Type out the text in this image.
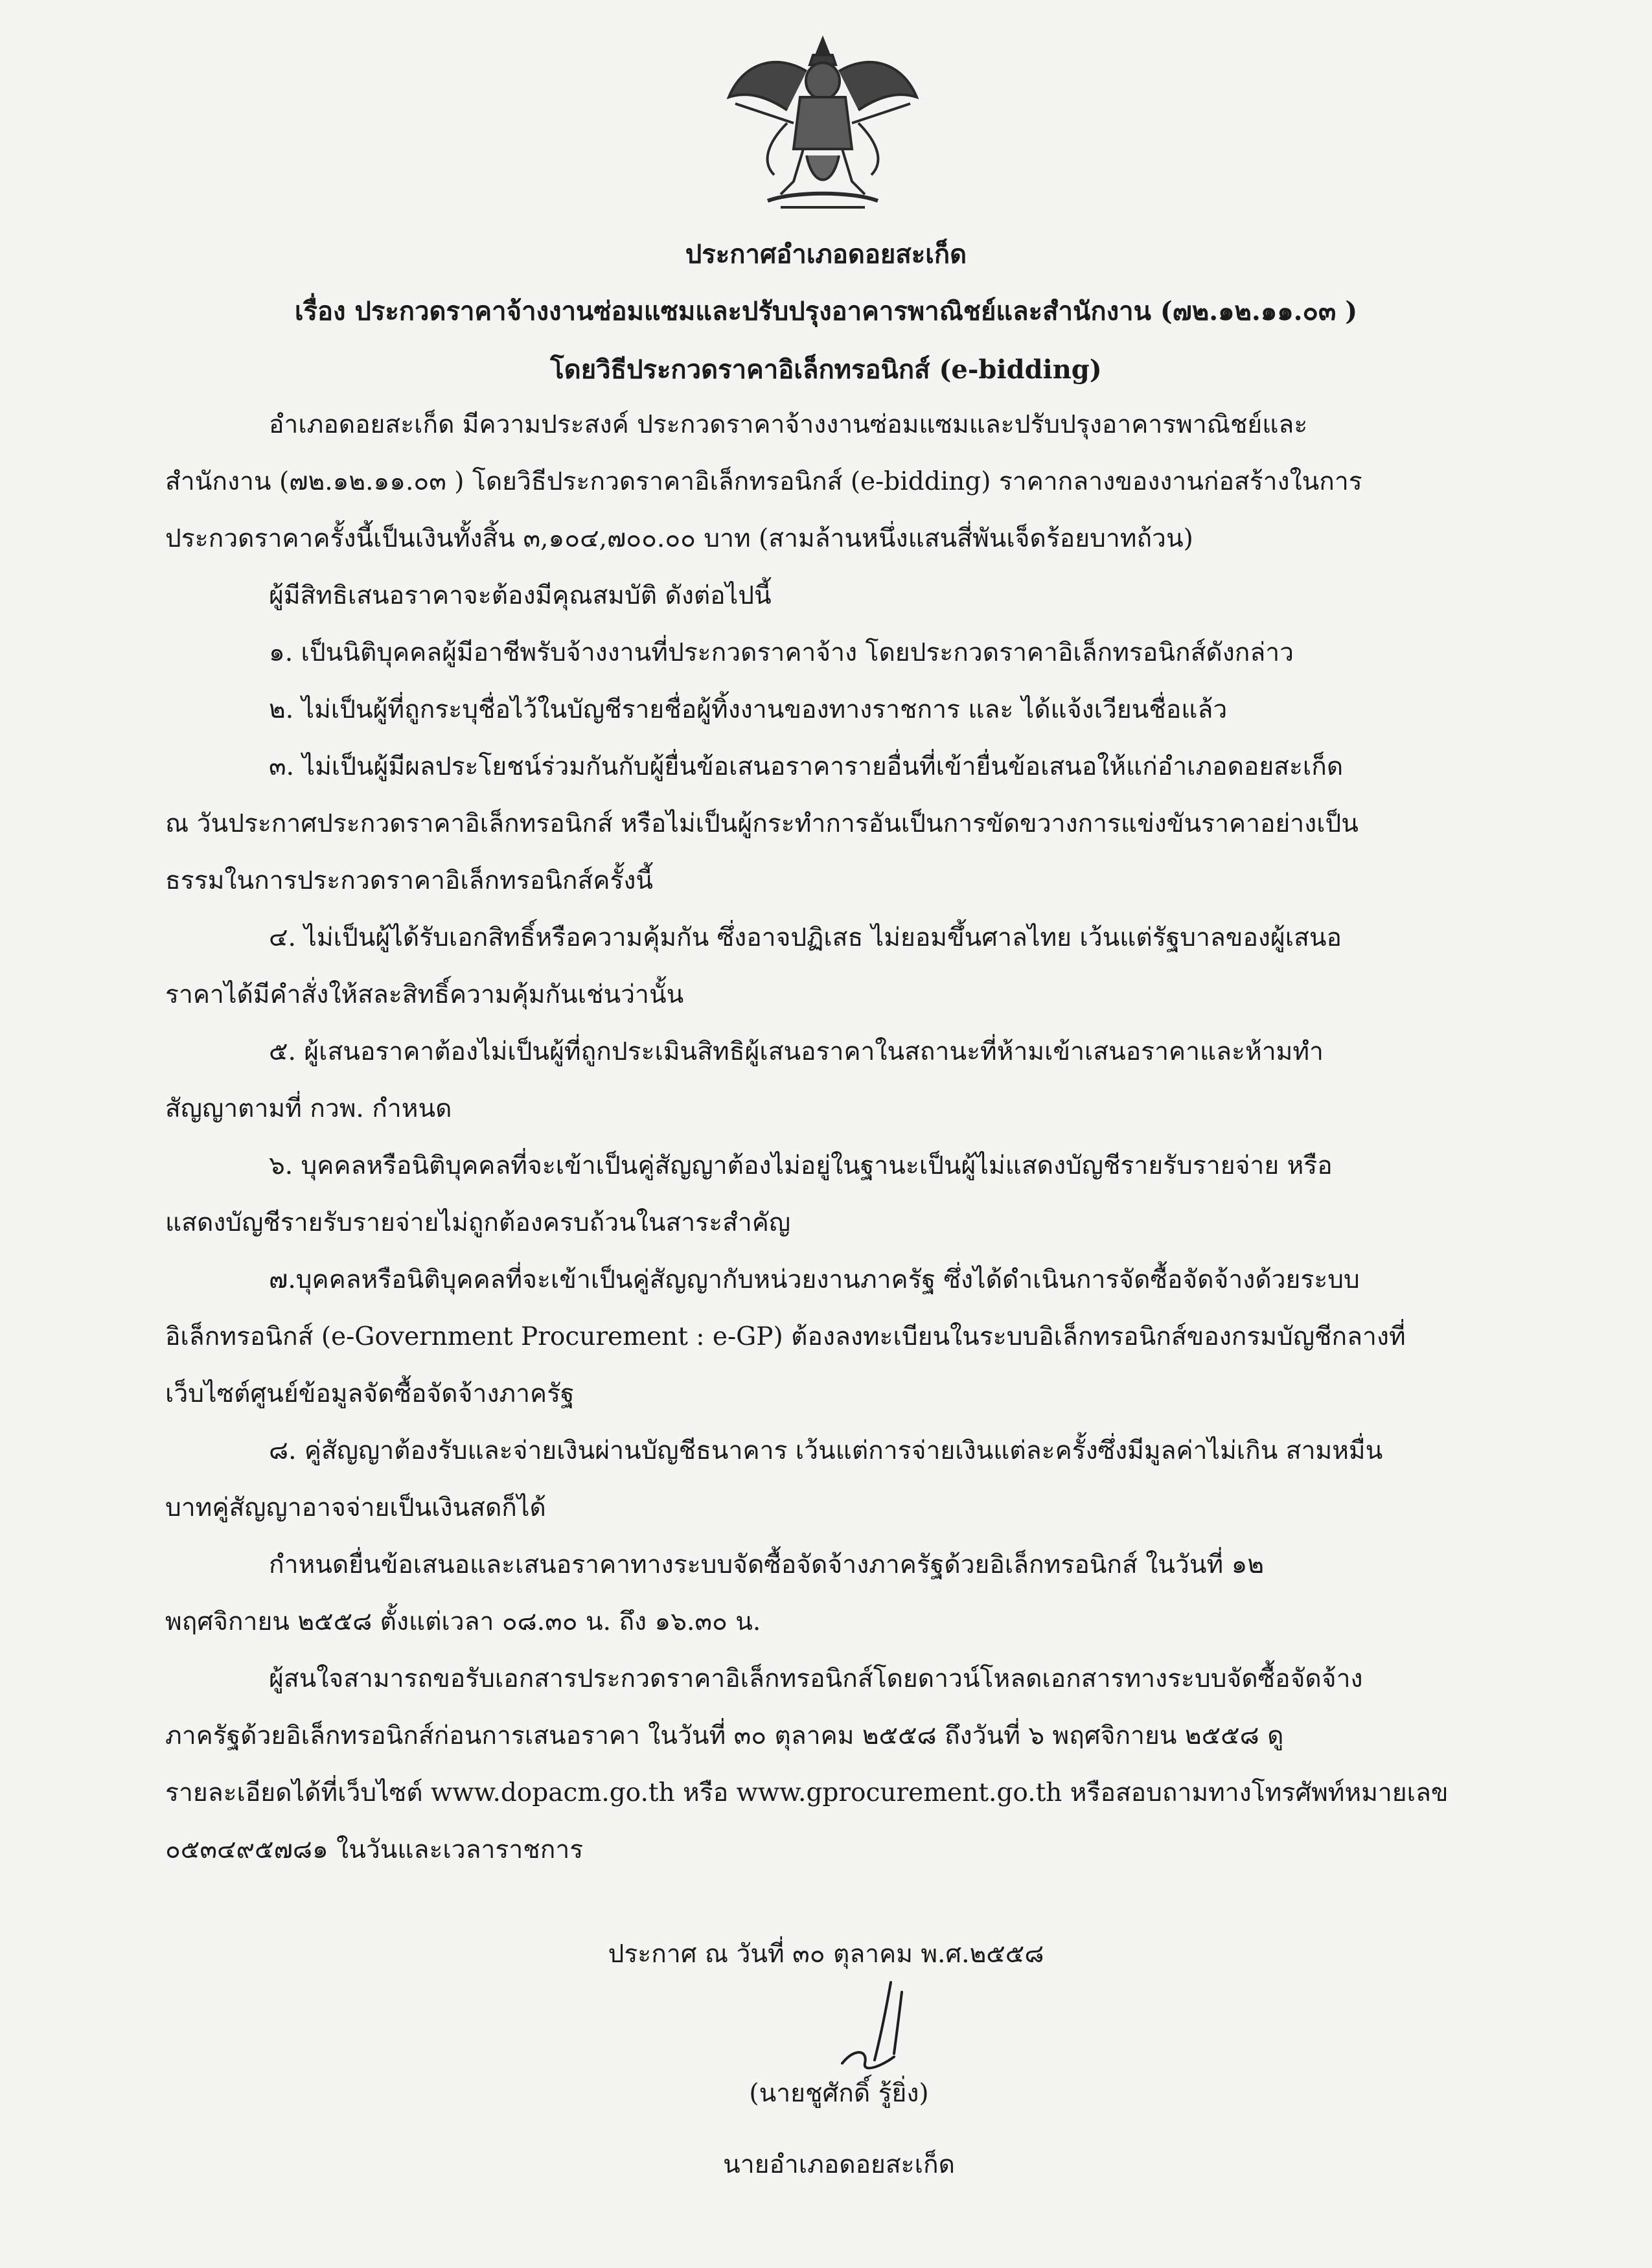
ประกาศอำเภอดอยสะเก็ด
เรื่อง ประกวดราคาจ้างงานซ่อมแซมและปรับปรุงอาคารพาณิชย์และสำนักงาน (๗๒.๑๒.๑๑.๐๓ )
โดยวิธีประกวดราคาอิเล็กทรอนิกส์ (e-bidding)

อำเภอดอยสะเก็ด มีความประสงค์ ประกวดราคาจ้างงานซ่อมแซมและปรับปรุงอาคารพาณิชย์และ

สำนักงาน (๗๒.๑๒.๑๑.๐๓ ) โดยวิธีประกวดราคาอิเล็กทรอนิกส์ (e-bidding) ราคากลางของงานก่อสร้างในการ

ประกวดราคาครั้งนี้เป็นเงินทั้งสิ้น ๓,๑๐๔,๗๐๐.๐๐ บาท (สามล้านหนึ่งแสนสี่พันเจ็ดร้อยบาทถ้วน)

ผู้มีสิทธิเสนอราคาจะต้องมีคุณสมบัติ ดังต่อไปนี้

๑. เป็นนิติบุคคลผู้มีอาชีพรับจ้างงานที่ประกวดราคาจ้าง โดยประกวดราคาอิเล็กทรอนิกส์ดังกล่าว

๒. ไม่เป็นผู้ที่ถูกระบุชื่อไว้ในบัญชีรายชื่อผู้ทิ้งงานของทางราชการ และ ได้แจ้งเวียนชื่อแล้ว

๓. ไม่เป็นผู้มีผลประโยชน์ร่วมกันกับผู้ยื่นข้อเสนอราคารายอื่นที่เข้ายื่นข้อเสนอให้แก่อำเภอดอยสะเก็ด

ณ วันประกาศประกวดราคาอิเล็กทรอนิกส์ หรือไม่เป็นผู้กระทำการอันเป็นการขัดขวางการแข่งขันราคาอย่างเป็น

ธรรมในการประกวดราคาอิเล็กทรอนิกส์ครั้งนี้

๔. ไม่เป็นผู้ได้รับเอกสิทธิ์หรือความคุ้มกัน ซึ่งอาจปฏิเสธ ไม่ยอมขึ้นศาลไทย เว้นแต่รัฐบาลของผู้เสนอ

ราคาได้มีคำสั่งให้สละสิทธิ์ความคุ้มกันเช่นว่านั้น

๕. ผู้เสนอราคาต้องไม่เป็นผู้ที่ถูกประเมินสิทธิผู้เสนอราคาในสถานะที่ห้ามเข้าเสนอราคาและห้ามทำ

สัญญาตามที่ กวพ. กำหนด

๖. บุคคลหรือนิติบุคคลที่จะเข้าเป็นคู่สัญญาต้องไม่อยู่ในฐานะเป็นผู้ไม่แสดงบัญชีรายรับรายจ่าย หรือ

แสดงบัญชีรายรับรายจ่ายไม่ถูกต้องครบถ้วนในสาระสำคัญ

๗.บุคคลหรือนิติบุคคลที่จะเข้าเป็นคู่สัญญากับหน่วยงานภาครัฐ ซึ่งได้ดำเนินการจัดซื้อจัดจ้างด้วยระบบ

อิเล็กทรอนิกส์ (e-Government Procurement : e-GP) ต้องลงทะเบียนในระบบอิเล็กทรอนิกส์ของกรมบัญชีกลางที่

เว็บไซต์ศูนย์ข้อมูลจัดซื้อจัดจ้างภาครัฐ

๘. คู่สัญญาต้องรับและจ่ายเงินผ่านบัญชีธนาคาร เว้นแต่การจ่ายเงินแต่ละครั้งซึ่งมีมูลค่าไม่เกิน สามหมื่น

บาทคู่สัญญาอาจจ่ายเป็นเงินสดก็ได้

กำหนดยื่นข้อเสนอและเสนอราคาทางระบบจัดซื้อจัดจ้างภาครัฐด้วยอิเล็กทรอนิกส์ ในวันที่ ๑๒

พฤศจิกายน ๒๕๕๘ ตั้งแต่เวลา ๐๘.๓๐ น. ถึง ๑๖.๓๐ น.

ผู้สนใจสามารถขอรับเอกสารประกวดราคาอิเล็กทรอนิกส์โดยดาวน์โหลดเอกสารทางระบบจัดซื้อจัดจ้าง

ภาครัฐด้วยอิเล็กทรอนิกส์ก่อนการเสนอราคา ในวันที่ ๓๐ ตุลาคม ๒๕๕๘ ถึงวันที่ ๖ พฤศจิกายน ๒๕๕๘ ดู

รายละเอียดได้ที่เว็บไซต์ www.dopacm.go.th หรือ www.gprocurement.go.th หรือสอบถามทางโทรศัพท์หมายเลข

๐๕๓๔๙๕๗๘๑ ในวันและเวลาราชการ

ประกาศ ณ วันที่ ๓๐ ตุลาคม พ.ศ.๒๕๕๘
(นายชูศักดิ์ รู้ยิ่ง)
นายอำเภอดอยสะเก็ด
